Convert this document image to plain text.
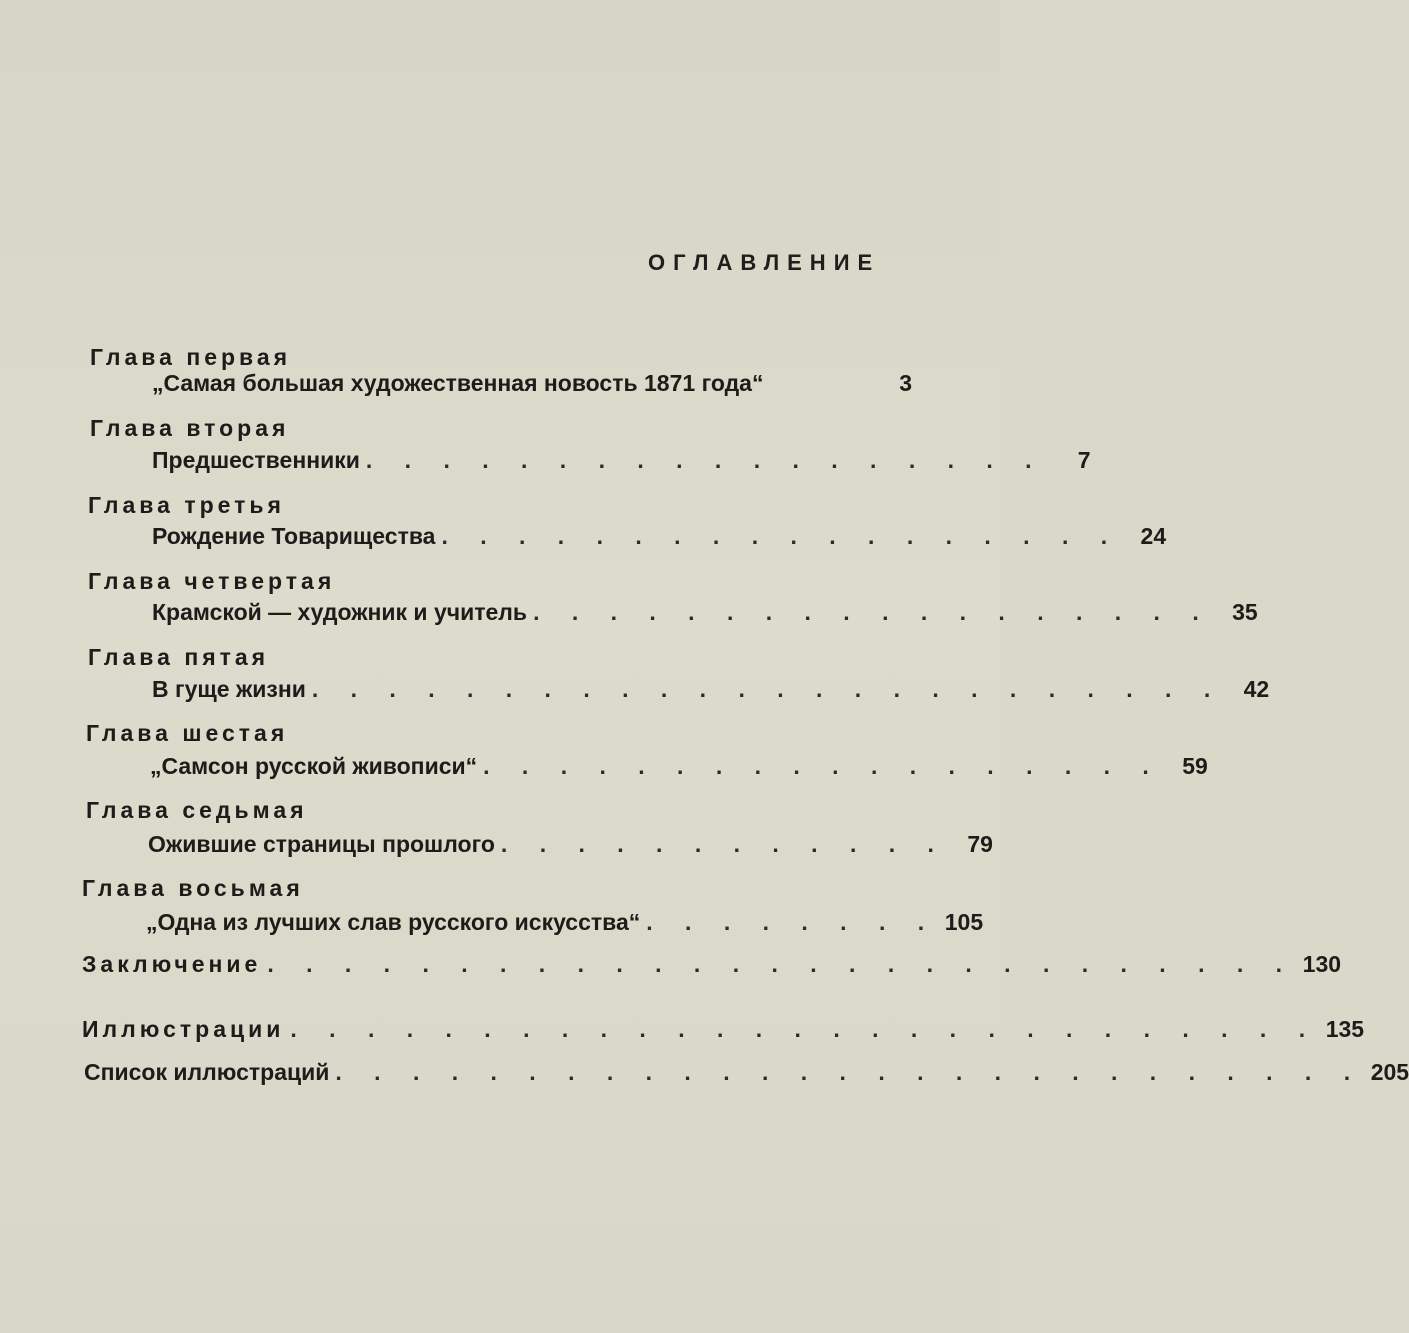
ОГЛАВЛЕНИЕ
Глава первая
„Самая большая художественная новость 1871 года“	3
Глава вторая
Предшественники . . . . . . . . . . . . . . . . . .	7
Глава третья
Рождение Товарищества . . . . . . . . . . . . . . . . . . 24
Глава четвертая
Крамской — художник и учитель . . . . . . . . . . . . . . . . . . 35
Глава пятая
В гуще жизни . . . . . . . . . . . . . . . . . . . . . . . . 42
Глава шестая
„Самсон русской живописи“ . . . . . . . . . . . . . . . . . . 59
Глава седьмая
Ожившие страницы прошлого . . . . . . . . . . . . 79
Глава восьмая
„Одна из лучших слав русского искусства“ . . . . . . . . 105
Заключение . . . . . . . . . . . . . . . . . . . . . . . . . . . 130
Иллюстрации . . . . . . . . . . . . . . . . . . . . . . . . . . . 135
Список иллюстраций . . . . . . . . . . . . . . . . . . . . . . . . . . . 205
